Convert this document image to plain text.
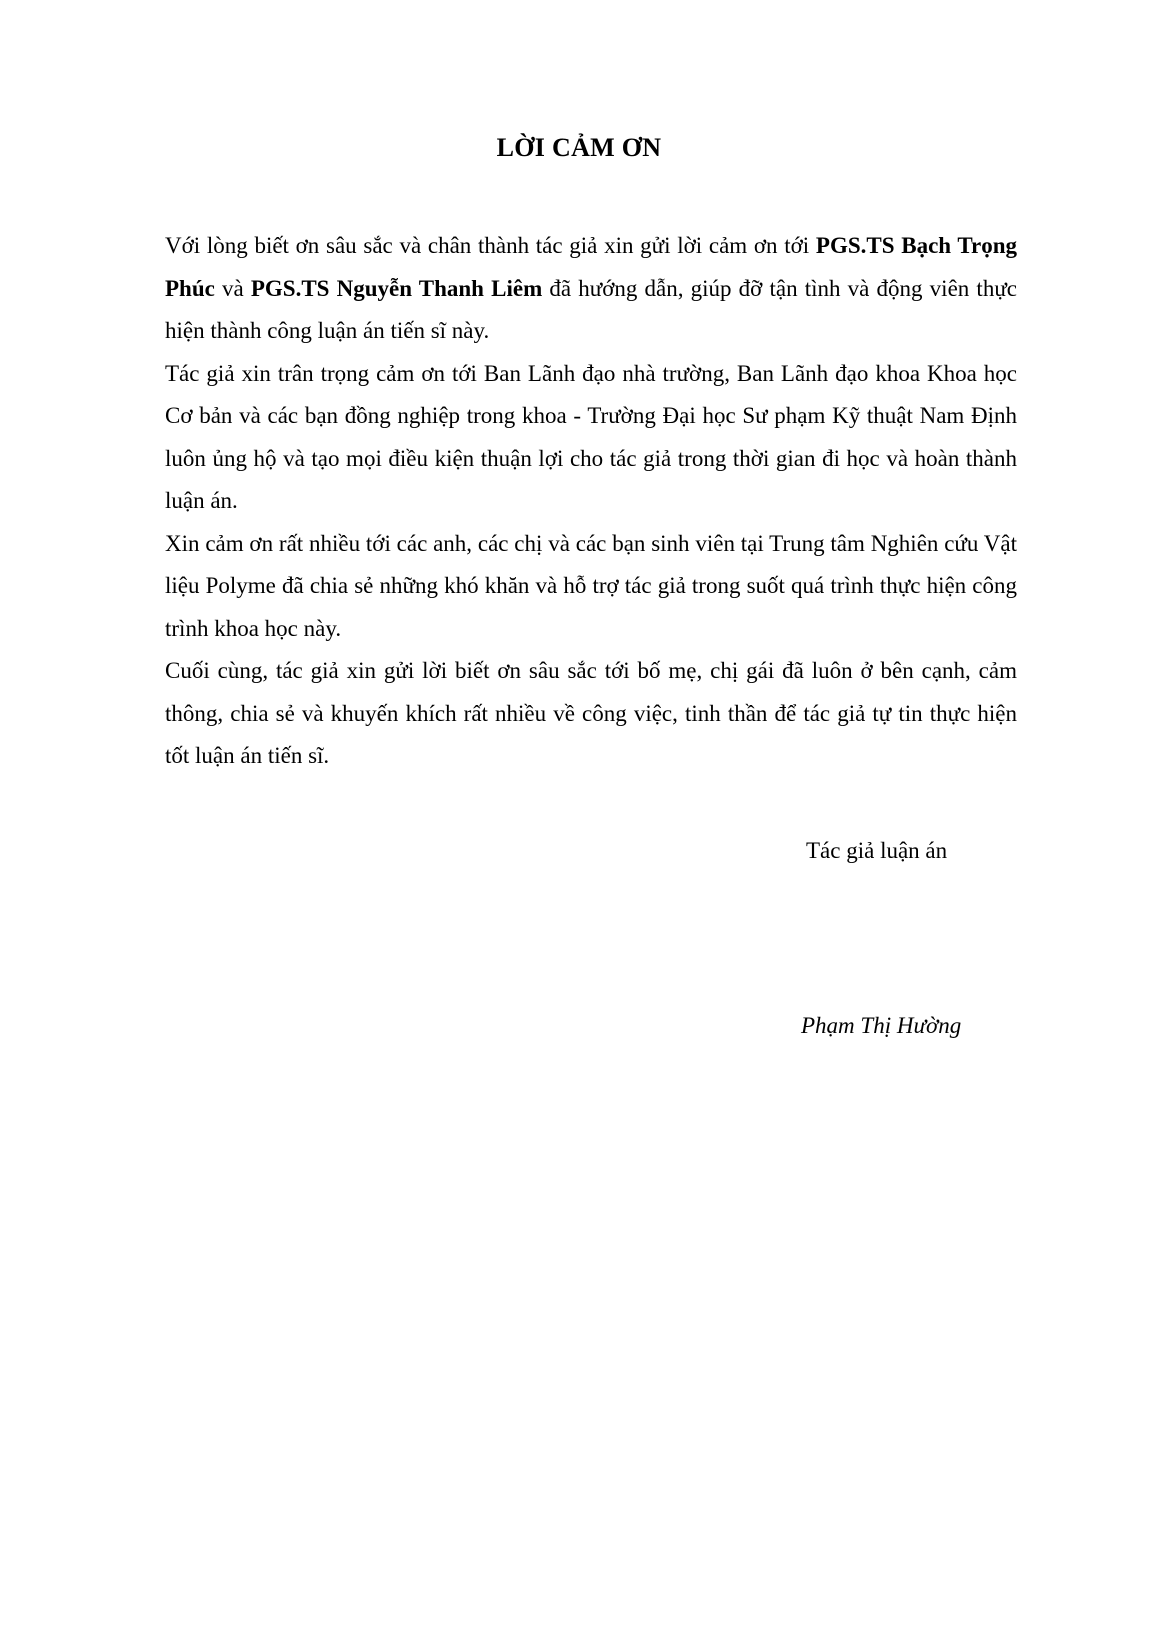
LỜI CẢM ƠN

Với lòng biết ơn sâu sắc và chân thành tác giả xin gửi lời cảm ơn tới PGS.TS Bạch Trọng Phúc và PGS.TS Nguyễn Thanh Liêm đã hướng dẫn, giúp đỡ tận tình và động viên thực hiện thành công luận án tiến sĩ này.

Tác giả xin trân trọng cảm ơn tới Ban Lãnh đạo nhà trường, Ban Lãnh đạo khoa Khoa học Cơ bản và các bạn đồng nghiệp trong khoa - Trường Đại học Sư phạm Kỹ thuật Nam Định luôn ủng hộ và tạo mọi điều kiện thuận lợi cho tác giả trong thời gian đi học và hoàn thành luận án.

Xin cảm ơn rất nhiều tới các anh, các chị và các bạn sinh viên tại Trung tâm Nghiên cứu Vật liệu Polyme đã chia sẻ những khó khăn và hỗ trợ tác giả trong suốt quá trình thực hiện công trình khoa học này.

Cuối cùng, tác giả xin gửi lời biết ơn sâu sắc tới bố mẹ, chị gái đã luôn ở bên cạnh, cảm thông, chia sẻ và khuyến khích rất nhiều về công việc, tinh thần để tác giả tự tin thực hiện tốt luận án tiến sĩ.

Tác giả luận án
Phạm Thị Hường
